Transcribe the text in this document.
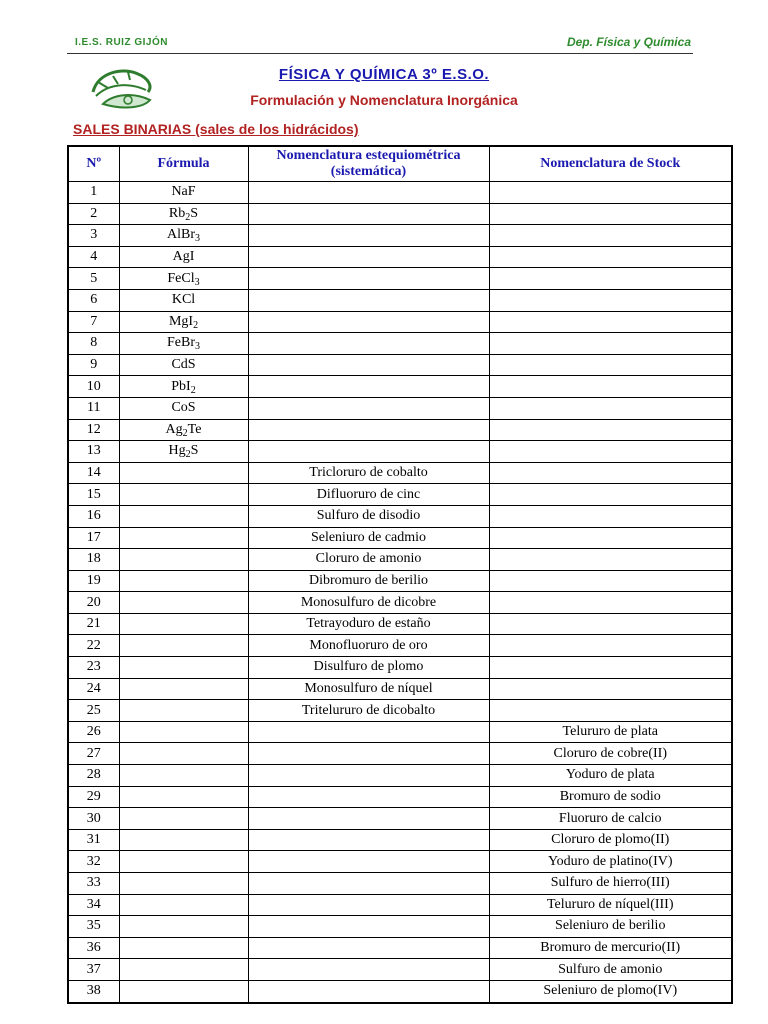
I.E.S. RUIZ GIJÓN	Dep. Física y Química
FÍSICA Y QUÍMICA 3º E.S.O.
Formulación y Nomenclatura Inorgánica
SALES BINARIAS (sales de los hidrácidos)
Nº	Fórmula	Nomenclatura estequiométrica (sistemática)	Nomenclatura de Stock
1	NaF		
2	$Rb_2S$		
3	AlBr$_3$		
4	AgI		
5	FeCl$_3$		
6	KCl		
7	MgI$_2$		
8	FeBr$_3$		
9	CdS		
10	PbI$_2$		
11	CoS		
12	$Ag_2Te$		
13	$Hg_2S$		
14		Tricloruro de cobalto	
15		Difluoruro de cinc	
16		Sulfuro de disodio	
17		Seleniuro de cadmio	
18		Cloruro de amonio	
19		Dibromuro de berilio	
20		Monosulfuro de dicobre	
21		Tetrayoduro de estaño	
22		Monofluoruro de oro	
23		Disulfuro de plomo	
24		Monosulfuro de níquel	
25		Tritelururo de dicobalto	
26			Telururo de plata
27			Cloruro de cobre(II)
28			Yoduro de plata
29			Bromuro de sodio
30			Fluoruro de calcio
31			Cloruro de plomo(II)
32			Yoduro de platino(IV)
33			Sulfuro de hierro(III)
34			Telururo de níquel(III)
35			Seleniuro de berilio
36			Bromuro de mercurio(II)
37			Sulfuro de amonio
38			Seleniuro de plomo(IV)
